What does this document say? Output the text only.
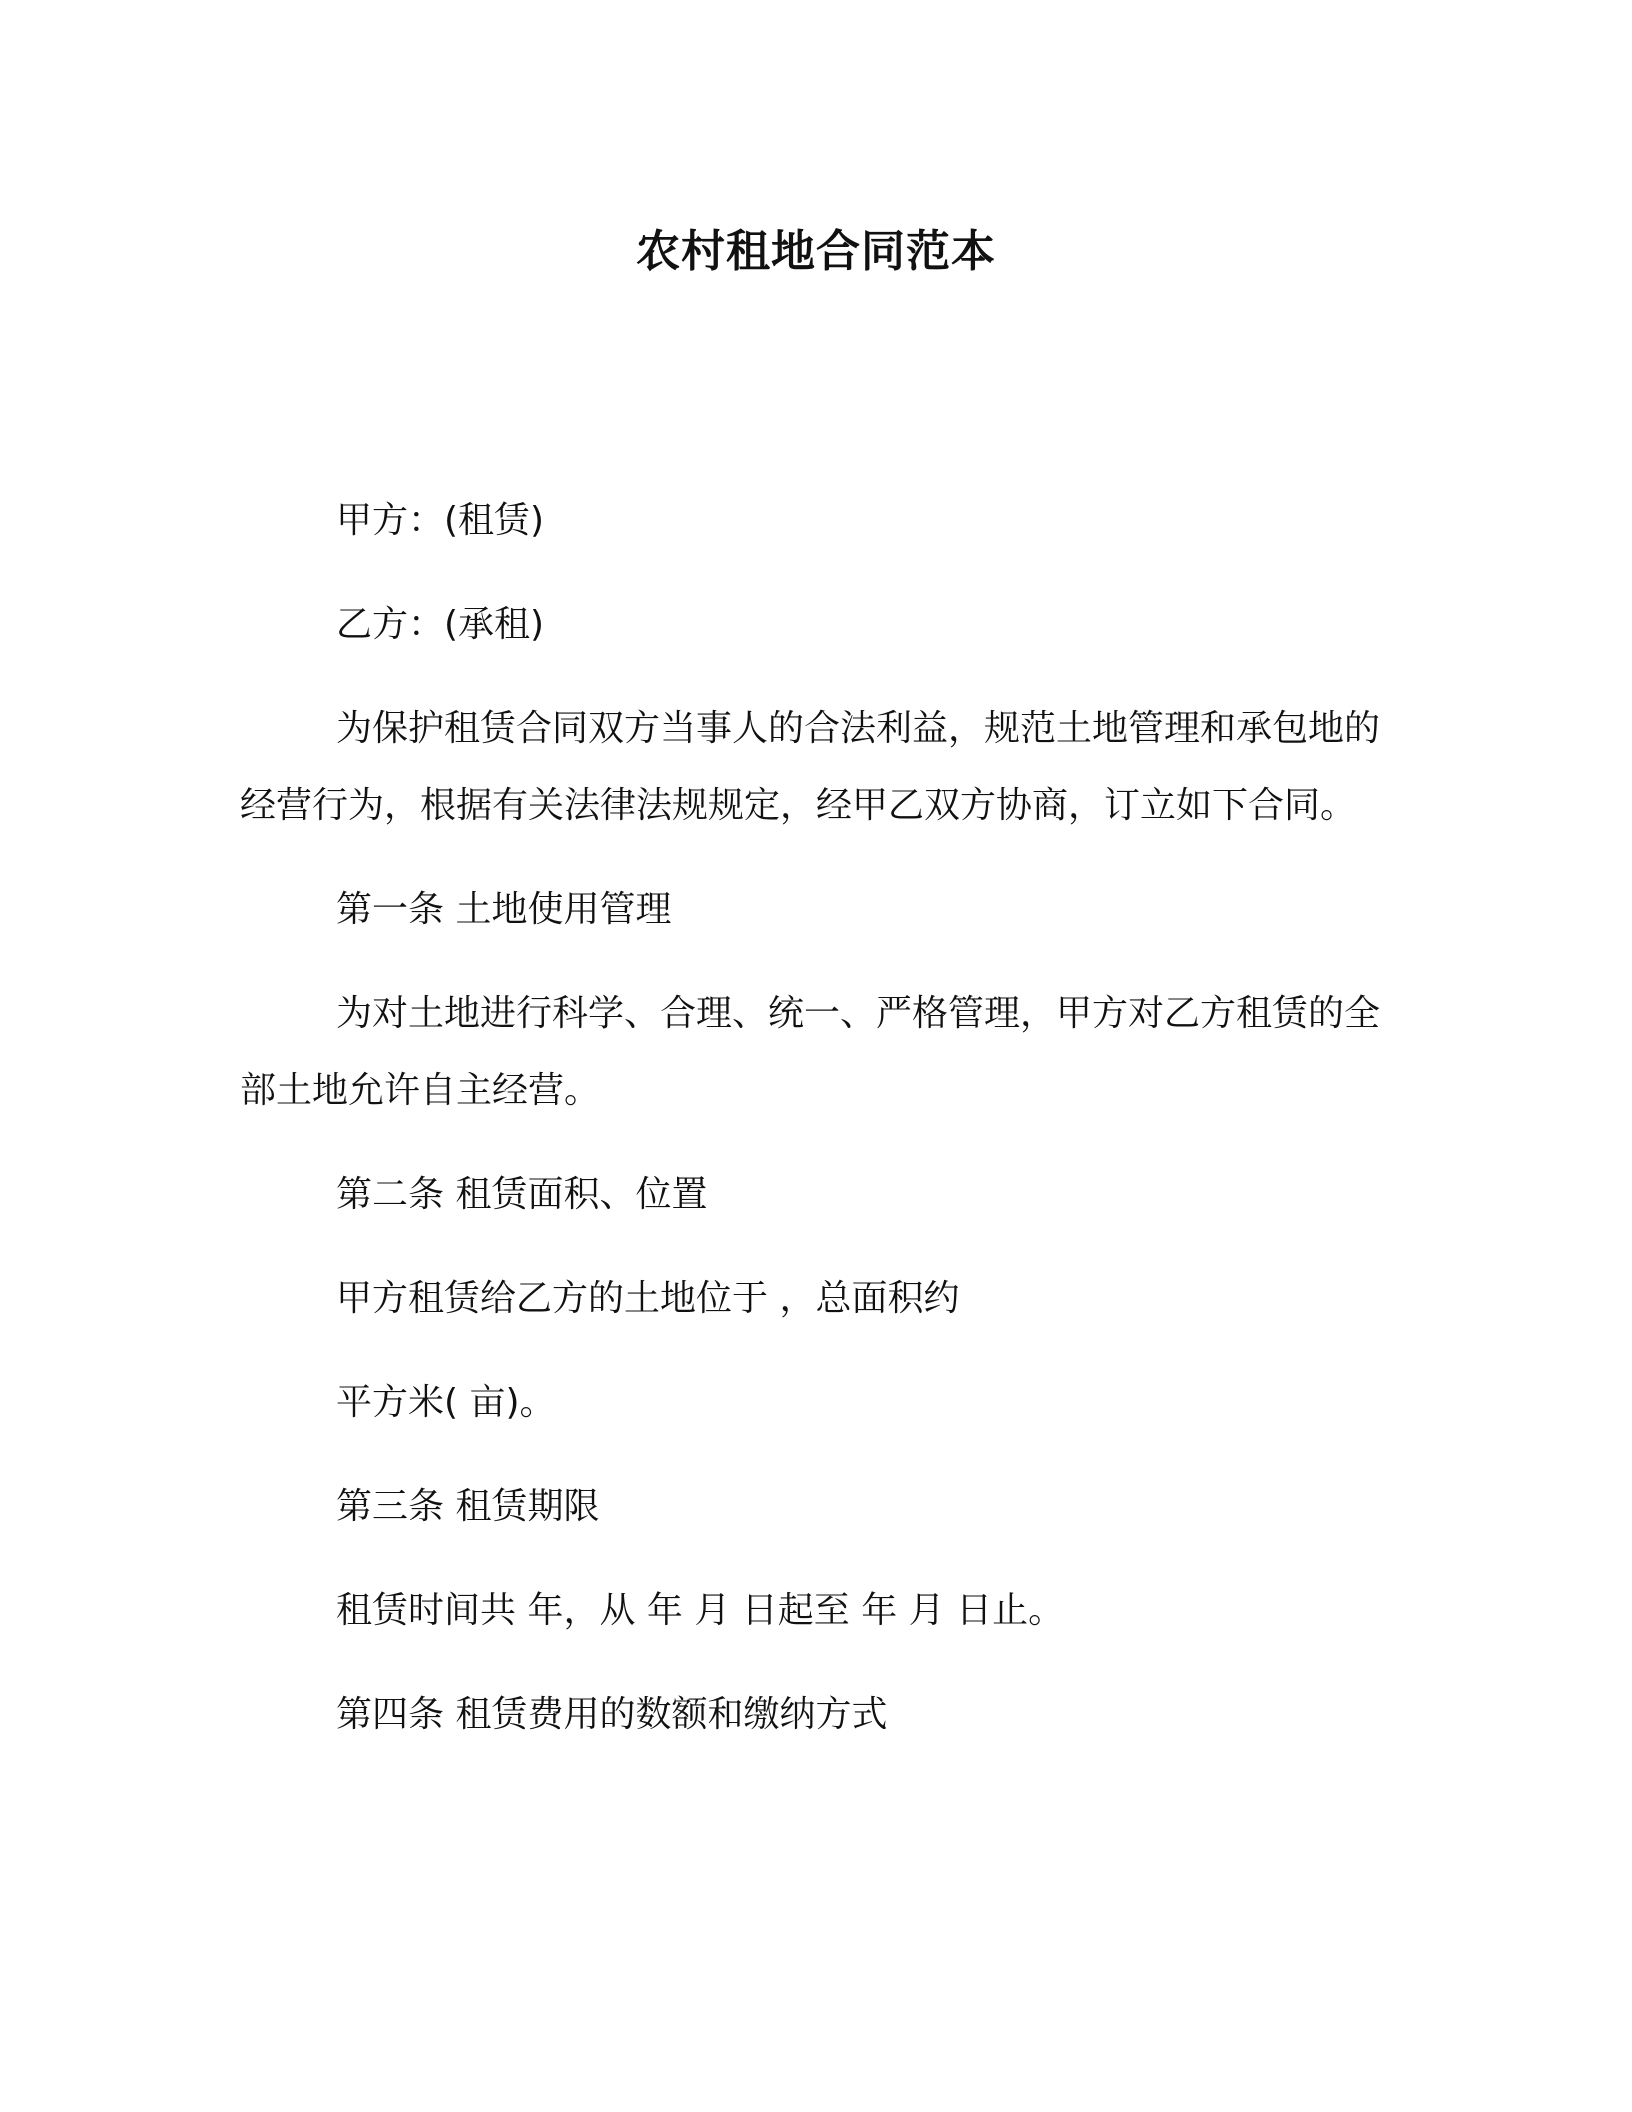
农村租地合同范本

甲方：(租赁)

乙方：(承租)

为保护租赁合同双方当事人的合法利益，规范土地管理和承包地的经营行为，根据有关法律法规规定，经甲乙双方协商，订立如下合同。

第一条 土地使用管理

为对土地进行科学、合理、统一、严格管理，甲方对乙方租赁的全部土地允许自主经营。

第二条 租赁面积、位置

甲方租赁给乙方的土地位于 ，总面积约

平方米( 亩)。

第三条 租赁期限

租赁时间共 年，从 年 月 日起至 年 月 日止。

第四条 租赁费用的数额和缴纳方式
